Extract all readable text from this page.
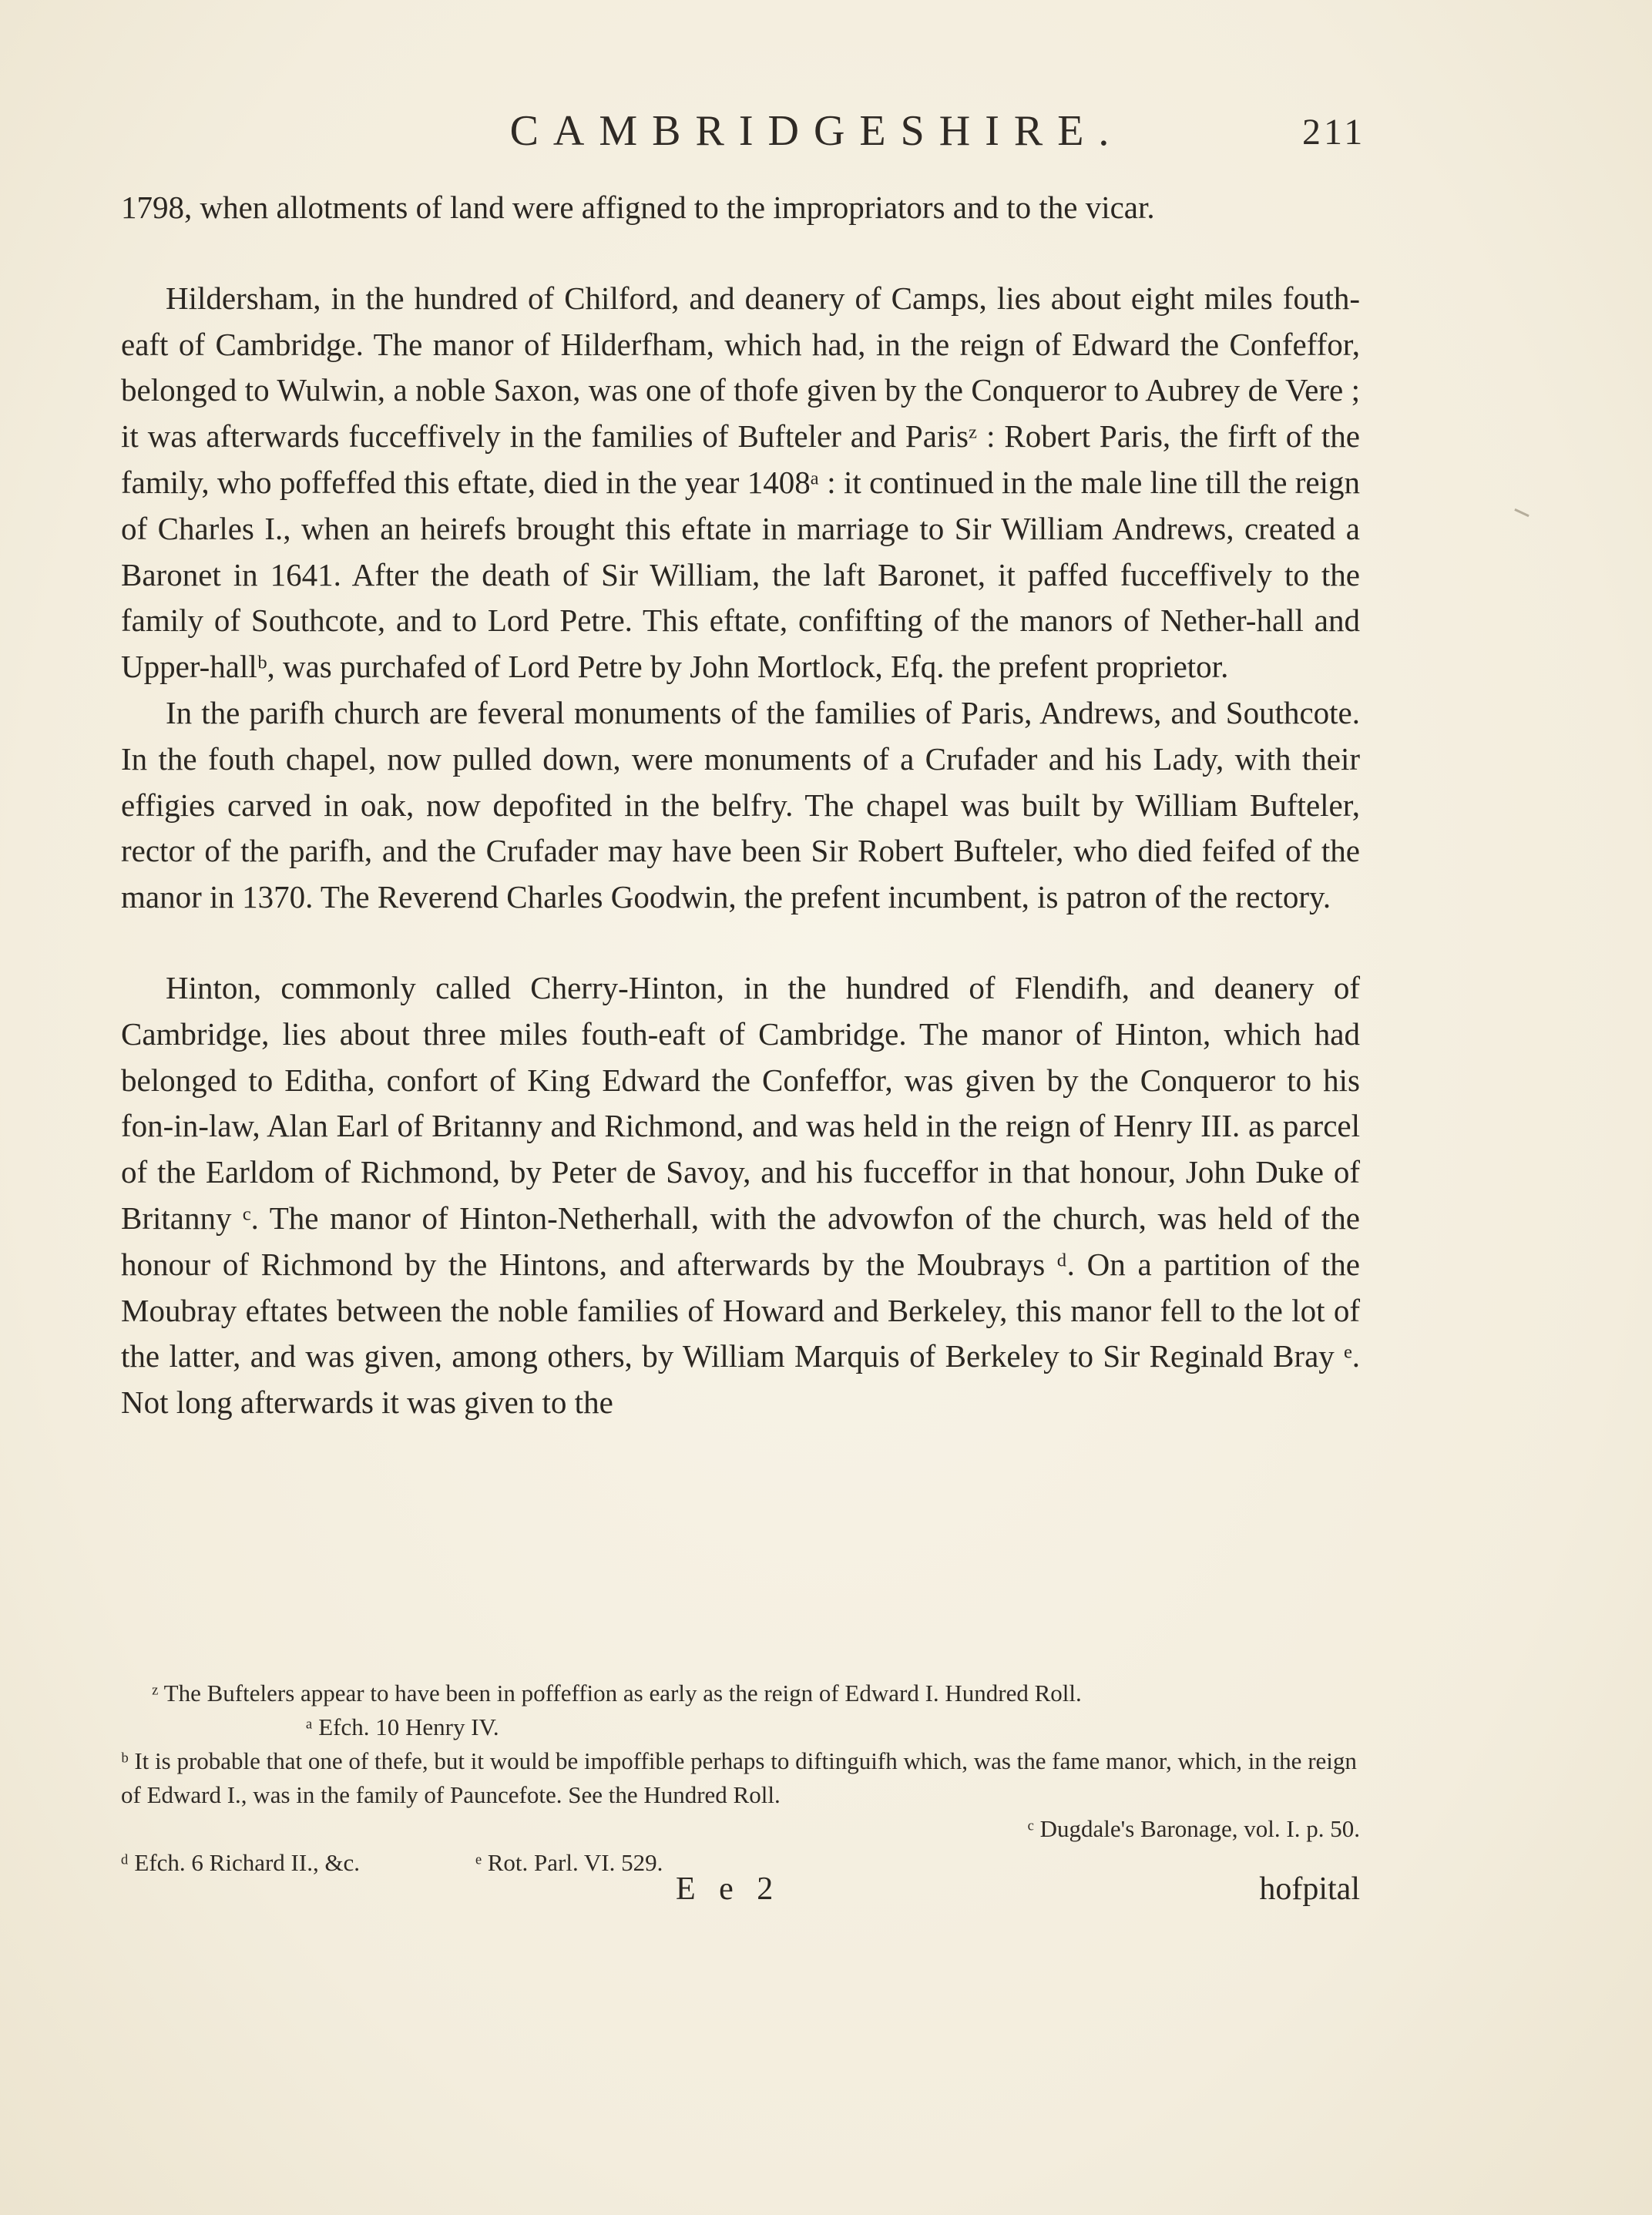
CAMBRIDGESHIRE.	211

1798, when allotments of land were affigned to the impropriators and to the vicar.

Hildersham, in the hundred of Chilford, and deanery of Camps, lies about eight miles fouth-eaft of Cambridge. The manor of Hilderfham, which had, in the reign of Edward the Confeffor, belonged to Wulwin, a noble Saxon, was one of thofe given by the Conqueror to Aubrey de Vere ; it was afterwards fucceffively in the families of Bufteler and Parisᶻ : Robert Paris, the firft of the family, who poffeffed this eftate, died in the year 1408ᵃ : it continued in the male line till the reign of Charles I., when an heirefs brought this eftate in marriage to Sir William Andrews, created a Baronet in 1641. After the death of Sir William, the laft Baronet, it paffed fucceffively to the family of Southcote, and to Lord Petre. This eftate, confifting of the manors of Nether-hall and Upper-hallᵇ, was purchafed of Lord Petre by John Mortlock, Efq. the prefent proprietor.

In the parifh church are feveral monuments of the families of Paris, Andrews, and Southcote. In the fouth chapel, now pulled down, were monuments of a Crufader and his Lady, with their effigies carved in oak, now depofited in the belfry. The chapel was built by William Bufteler, rector of the parifh, and the Crufader may have been Sir Robert Bufteler, who died feifed of the manor in 1370. The Reverend Charles Goodwin, the prefent incumbent, is patron of the rectory.

Hinton, commonly called Cherry-Hinton, in the hundred of Flendifh, and deanery of Cambridge, lies about three miles fouth-eaft of Cambridge. The manor of Hinton, which had belonged to Editha, confort of King Edward the Confeffor, was given by the Conqueror to his fon-in-law, Alan Earl of Britanny and Richmond, and was held in the reign of Henry III. as parcel of the Earldom of Richmond, by Peter de Savoy, and his fucceffor in that honour, John Duke of Britanny ᶜ. The manor of Hinton-Netherhall, with the advowfon of the church, was held of the honour of Richmond by the Hintons, and afterwards by the Moubrays ᵈ. On a partition of the Moubray eftates between the noble families of Howard and Berkeley, this manor fell to the lot of the latter, and was given, among others, by William Marquis of Berkeley to Sir Reginald Bray ᵉ. Not long afterwards it was given to the

ᶻ The Buftelers appear to have been in poffeffion as early as the reign of Edward I. Hundred Roll.
ᵃ Efch. 10 Henry IV.
ᵇ It is probable that one of thefe, but it would be impoffible perhaps to diftinguifh which, was the fame manor, which, in the reign of Edward I., was in the family of Pauncefote. See the Hundred Roll.
ᶜ Dugdale's Baronage, vol. I. p. 50.
ᵈ Efch. 6 Richard II., &c.	ᵉ Rot. Parl. VI. 529.
E e 2	hofpital
